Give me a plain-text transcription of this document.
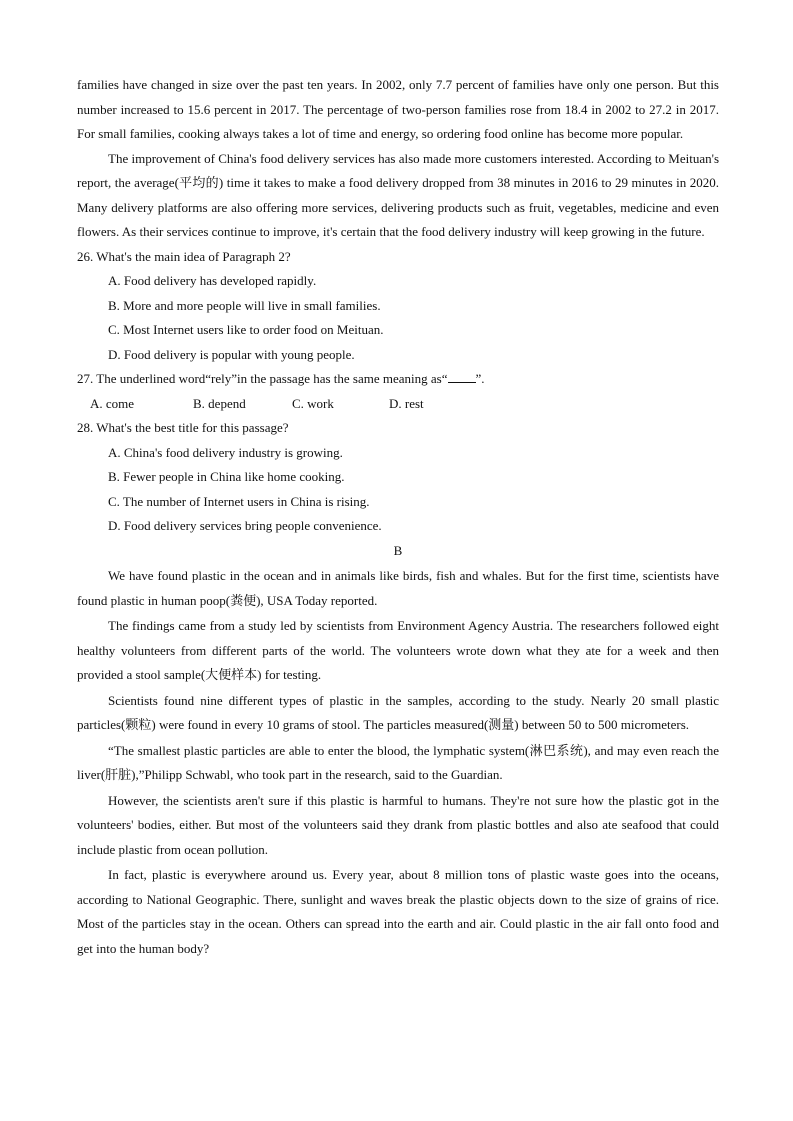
families have changed in size over the past ten years. In 2002, only 7.7 percent of families have only one person. But this number increased to 15.6 percent in 2017. The percentage of two-person families rose from 18.4 in 2002 to 27.2 in 2017. For small families, cooking always takes a lot of time and energy, so ordering food online has become more popular.

The improvement of China's food delivery services has also made more customers interested. According to Meituan's report, the average(平均的) time it takes to make a food delivery dropped from 38 minutes in 2016 to 29 minutes in 2020. Many delivery platforms are also offering more services, delivering products such as fruit, vegetables, medicine and even flowers. As their services continue to improve, it's certain that the food delivery industry will keep growing in the future.

26. What's the main idea of Paragraph 2?

A. Food delivery has developed rapidly.

B. More and more people will live in small families.

C. Most Internet users like to order food on Meituan.

D. Food delivery is popular with young people.

27. The underlined word“rely”in the passage has the same meaning as“ ”.

A. come	B. depend	C. work	D. rest

28. What's the best title for this passage?

A. China's food delivery industry is growing.

B. Fewer people in China like home cooking.

C. The number of Internet users in China is rising.

D. Food delivery services bring people convenience.

B

We have found plastic in the ocean and in animals like birds, fish and whales. But for the first time, scientists have found plastic in human poop(粪便), USA Today reported.

The findings came from a study led by scientists from Environment Agency Austria. The researchers followed eight healthy volunteers from different parts of the world. The volunteers wrote down what they ate for a week and then provided a stool sample(大便样本) for testing.

Scientists found nine different types of plastic in the samples, according to the study. Nearly 20 small plastic particles(颗粒) were found in every 10 grams of stool. The particles measured(测量) between 50 to 500 micrometers.

“The smallest plastic particles are able to enter the blood, the lymphatic system(淋巴系统), and may even reach the liver(肝脏),”Philipp Schwabl, who took part in the research, said to the Guardian.

However, the scientists aren't sure if this plastic is harmful to humans. They're not sure how the plastic got in the volunteers' bodies, either. But most of the volunteers said they drank from plastic bottles and also ate seafood that could include plastic from ocean pollution.

In fact, plastic is everywhere around us. Every year, about 8 million tons of plastic waste goes into the oceans, according to National Geographic. There, sunlight and waves break the plastic objects down to the size of grains of rice. Most of the particles stay in the ocean. Others can spread into the earth and air. Could plastic in the air fall onto food and get into the human body?
